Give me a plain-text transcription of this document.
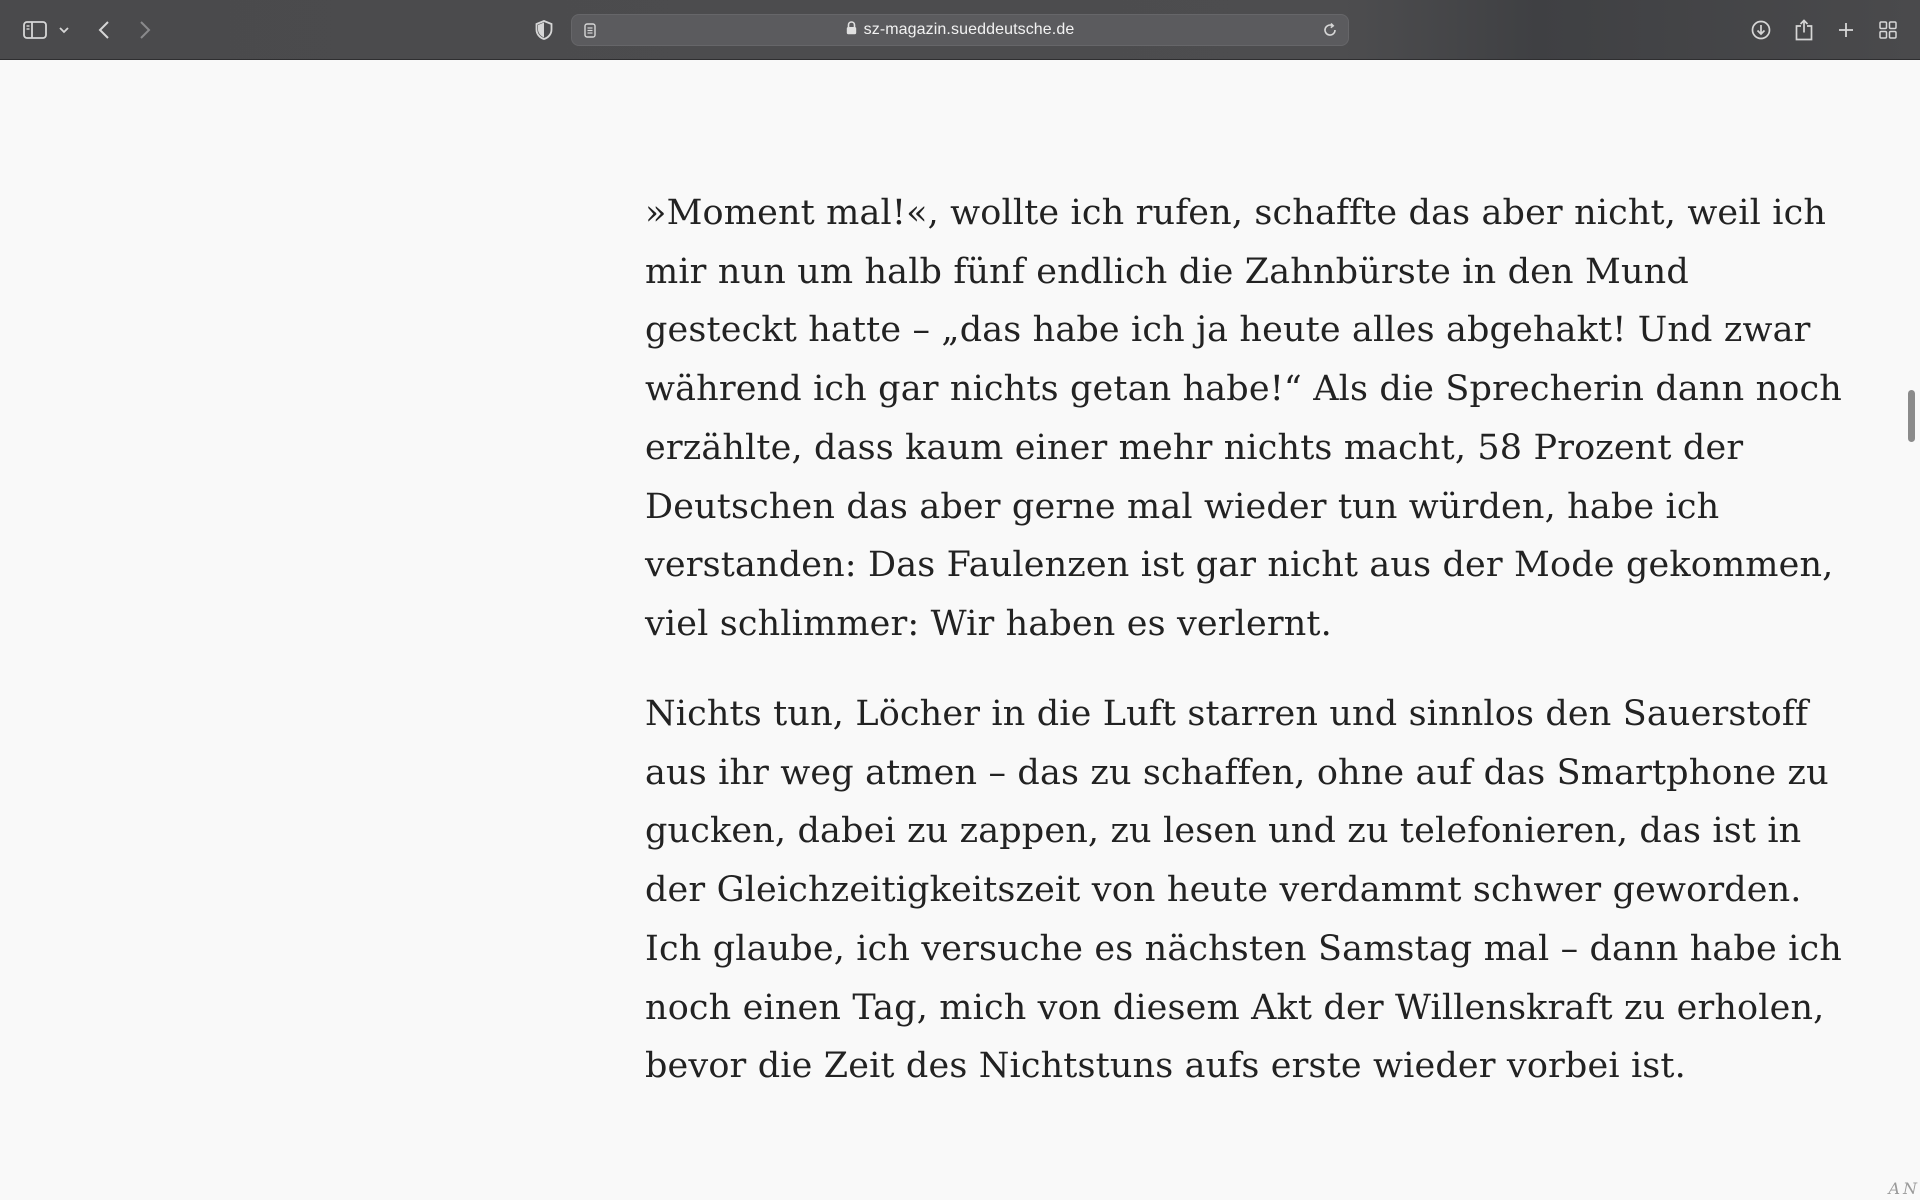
sz-magazin.sueddeutsche.de

»Moment mal!«, wollte ich rufen, schaffte das aber nicht, weil ich mir nun um halb fünf endlich die Zahnbürste in den Mund gesteckt hatte – „das habe ich ja heute alles abgehakt! Und zwar während ich gar nichts getan habe!“ Als die Sprecherin dann noch erzählte, dass kaum einer mehr nichts macht, 58 Prozent der Deutschen das aber gerne mal wieder tun würden, habe ich verstanden: Das Faulenzen ist gar nicht aus der Mode gekommen, viel schlimmer: Wir haben es verlernt.

Nichts tun, Löcher in die Luft starren und sinnlos den Sauerstoff aus ihr weg atmen – das zu schaffen, ohne auf das Smartphone zu gucken, dabei zu zappen, zu lesen und zu telefonieren, das ist in der Gleichzeitigkeitszeit von heute verdammt schwer geworden. Ich glaube, ich versuche es nächsten Samstag mal – dann habe ich noch einen Tag, mich von diesem Akt der Willenskraft zu erholen, bevor die Zeit des Nichtstuns aufs erste wieder vorbei ist.

AN
